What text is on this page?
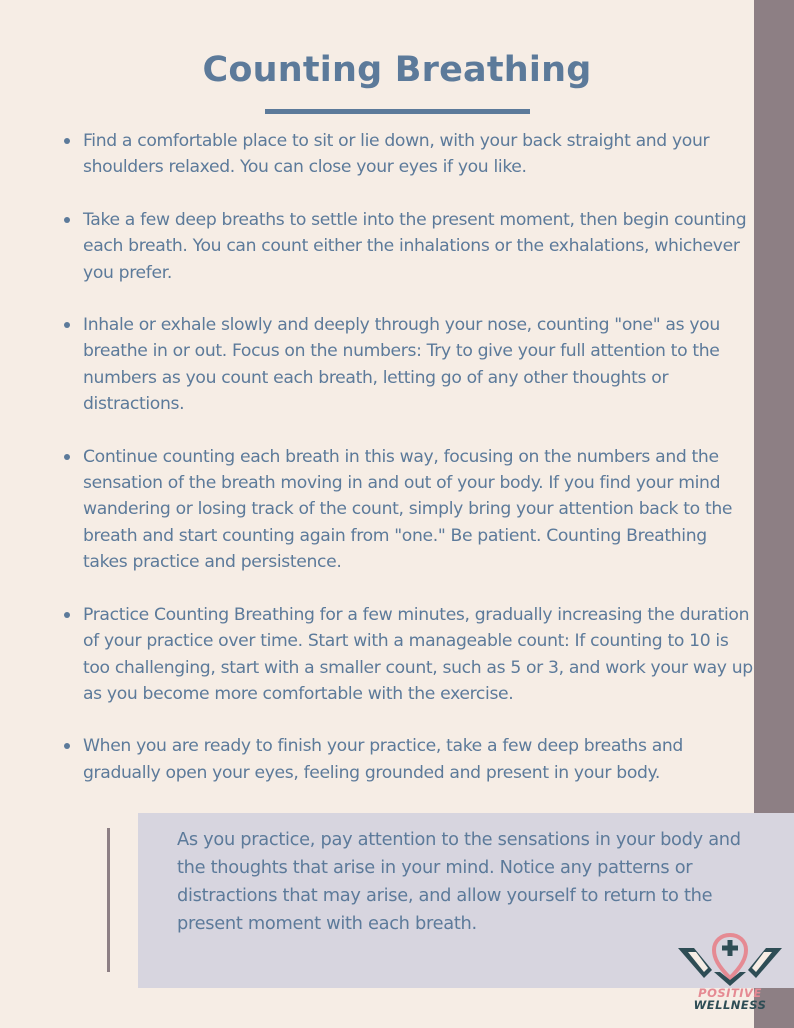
Counting Breathing
Find a comfortable place to sit or lie down, with your back straight and your shoulders relaxed. You can close your eyes if you like.
Take a few deep breaths to settle into the present moment, then begin counting each breath. You can count either the inhalations or the exhalations, whichever you prefer.
Inhale or exhale slowly and deeply through your nose, counting "one" as you breathe in or out. Focus on the numbers: Try to give your full attention to the numbers as you count each breath, letting go of any other thoughts or distractions.
Continue counting each breath in this way, focusing on the numbers and the sensation of the breath moving in and out of your body. If you find your mind wandering or losing track of the count, simply bring your attention back to the breath and start counting again from "one." Be patient. Counting Breathing takes practice and persistence.
Practice Counting Breathing for a few minutes, gradually increasing the duration of your practice over time. Start with a manageable count: If counting to 10 is too challenging, start with a smaller count, such as 5 or 3, and work your way up as you become more comfortable with the exercise.
When you are ready to finish your practice, take a few deep breaths and gradually open your eyes, feeling grounded and present in your body.

As you practice, pay attention to the sensations in your body and the thoughts that arise in your mind. Notice any patterns or distractions that may arise, and allow yourself to return to the present moment with each breath.

POSITIVE
WELLNESS
